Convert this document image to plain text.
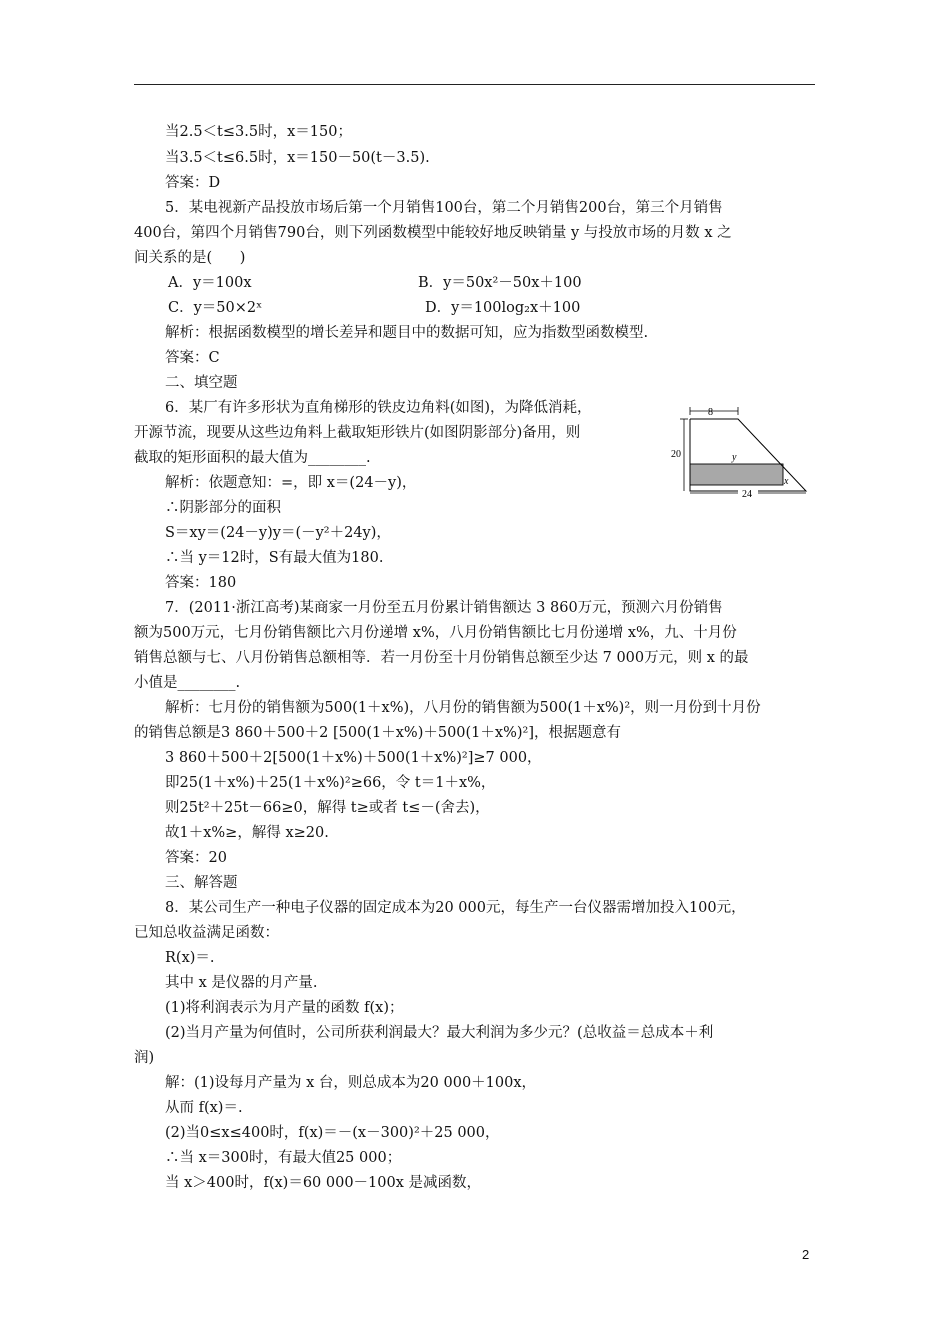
当2.5＜t≤3.5时，x＝150；
当3.5＜t≤6.5时，x＝150－50(t－3.5).
答案：D
5．某电视新产品投放市场后第一个月销售100台，第二个月销售200台，第三个月销售
400台，第四个月销售790台，则下列函数模型中能较好地反映销量 y 与投放市场的月数 x 之
间关系的是(      )
A．y＝100x	B．y＝50x²－50x＋100
C．y＝50×2ˣ	D．y＝100log₂x＋100
解析：根据函数模型的增长差异和题目中的数据可知，应为指数型函数模型.
答案：C
二、填空题
6．某厂有许多形状为直角梯形的铁皮边角料(如图)，为降低消耗，
开源节流，现要从这些边角料上截取矩形铁片(如图阴影部分)备用，则
截取的矩形面积的最大值为________.
解析：依题意知：=，即 x＝(24－y)，
∴阴影部分的面积
S＝xy＝(24－y)y＝(－y²＋24y)，
∴当 y＝12时，S有最大值为180.
答案：180
7．(2011·浙江高考)某商家一月份至五月份累计销售额达 3 860万元，预测六月份销售
额为500万元，七月份销售额比六月份递增 x%，八月份销售额比七月份递增 x%，九、十月份
销售总额与七、八月份销售总额相等．若一月份至十月份销售总额至少达 7 000万元，则 x 的最
小值是________.
解析：七月份的销售额为500(1＋x%)，八月份的销售额为500(1＋x%)²，则一月份到十月份
的销售总额是3 860＋500＋2 [500(1＋x%)＋500(1＋x%)²]，根据题意有
3 860＋500＋2[500(1＋x%)＋500(1＋x%)²]≥7 000，
即25(1＋x%)＋25(1＋x%)²≥66，令 t＝1＋x%，
则25t²＋25t－66≥0，解得 t≥或者 t≤－(舍去)，
故1＋x%≥，解得 x≥20.
答案：20
三、解答题
8．某公司生产一种电子仪器的固定成本为20 000元，每生产一台仪器需增加投入100元，
已知总收益满足函数：
R(x)＝.
其中 x 是仪器的月产量.
(1)将利润表示为月产量的函数 f(x)；
(2)当月产量为何值时，公司所获利润最大？最大利润为多少元？(总收益＝总成本＋利
润)
解：(1)设每月产量为 x 台，则总成本为20 000＋100x，
从而 f(x)＝.
(2)当0≤x≤400时，f(x)＝－(x－300)²＋25 000，
∴当 x＝300时，有最大值25 000；
当 x＞400时，f(x)＝60 000－100x 是减函数，
8
20	y
x
24
2
